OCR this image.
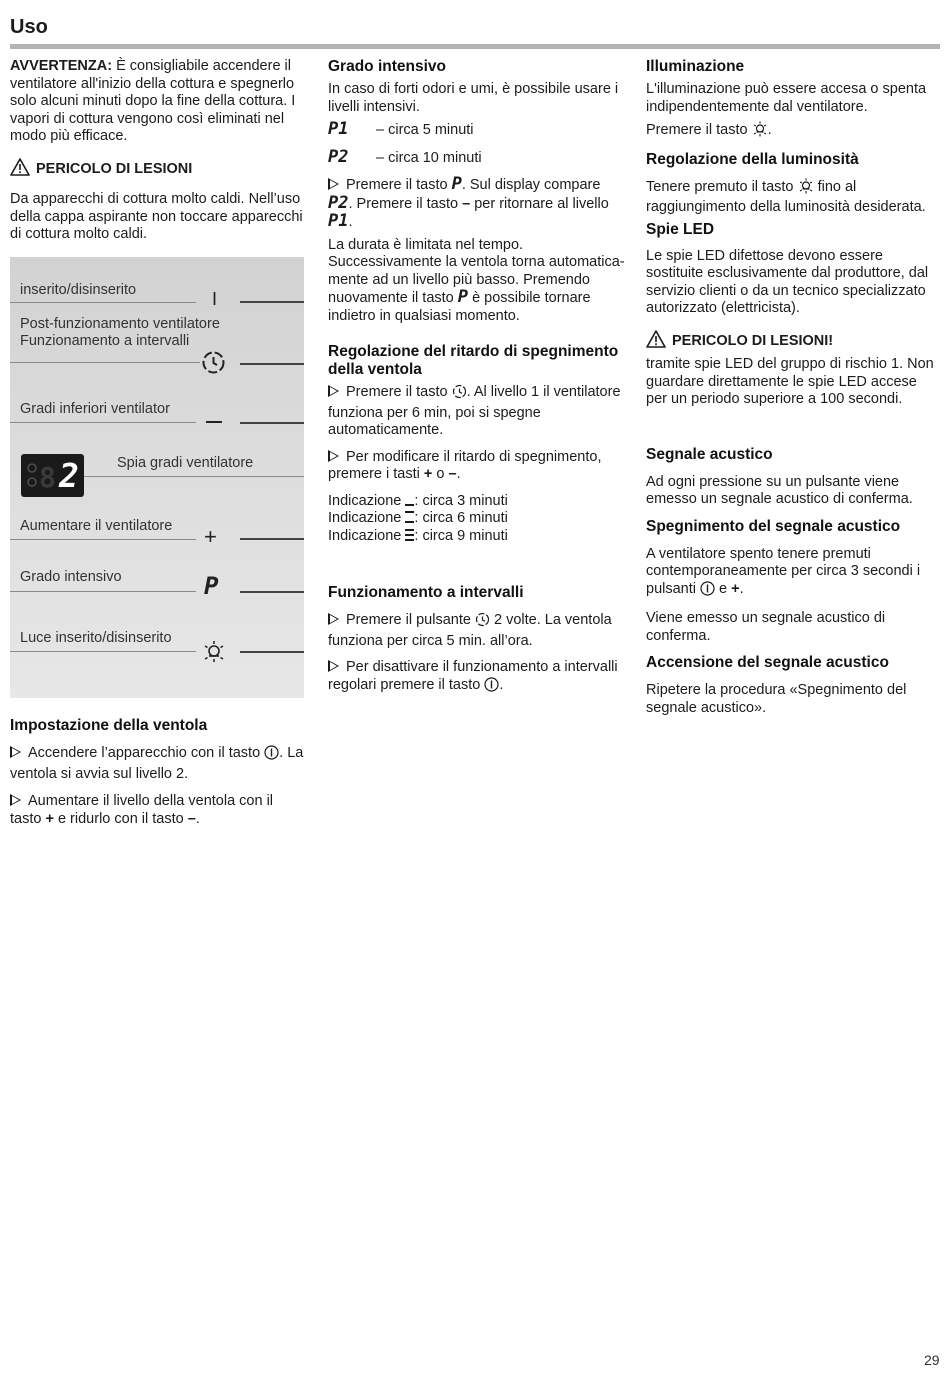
Uso

AVVERTENZA: È consigliabile accendere il ventilatore all'inizio della cottura e spegnerlo solo alcuni minuti dopo la fine della cottura. I vapori di cottura vengono così eliminati nel modo più efficace.

PERICOLO DI LESIONI

Da apparecchi di cottura molto caldi. Nell’uso della cappa aspirante non toccare apparecchi di cottura molto caldi.

inserito/disinserito	I
Post-funzionamento ventilatore
Funzionamento a intervalli
Gradi inferiori ventilator
8 2	Spia gradi ventilatore
Aumentare il ventilatore +
Grado intensivo	P
Luce inserito/disinserito
Impostazione della ventola

Accendere l’apparecchio con il tasto . La ventola si avvia sul livello 2.

Aumentare il livello della ventola con il tasto + e ridurlo con il tasto –.

Grado intensivo

In caso di forti odori e umi, è possibile usare i livelli intensivi.

P1 – circa 5 minuti

P2 – circa 10 minuti

Premere il tasto P. Sul display compare P2. Premere il tasto – per ritornare al livello P1.

La durata è limitata nel tempo. Successivamente la ventola torna automatica-mente ad un livello più basso. Premendo nuovamente il tasto P è possibile tornare indietro in qualsiasi momento.

Regolazione del ritardo di spegnimento della ventola

Premere il tasto . Al livello 1 il ventilatore funziona per 6 min, poi si spegne automaticamente.

Per modificare il ritardo di spegnimento, premere i tasti + o –.

Indicazione : circa 3 minuti

Indicazione : circa 6 minuti

Indicazione : circa 9 minuti

Funzionamento a intervalli

Premere il pulsante 2 volte. La ventola funziona per circa 5 min. all’ora.

Per disattivare il funzionamento a intervalli regolari premere il tasto .

Illuminazione

L'illuminazione può essere accesa o spenta indipendentemente dal ventilatore.

Premere il tasto .

Regolazione della luminosità

Tenere premuto il tasto fino al raggiungimento della luminosità desiderata.

Spie LED

Le spie LED difettose devono essere sostituite esclusivamente dal produttore, dal servizio clienti o da un tecnico specializzato autorizzato (elettricista).

PERICOLO DI LESIONI!

tramite spie LED del gruppo di rischio 1. Non guardare direttamente le spie LED accese per un periodo superiore a 100 secondi.

Segnale acustico

Ad ogni pressione su un pulsante viene emesso un segnale acustico di conferma.

Spegnimento del segnale acustico

A ventilatore spento tenere premuti contemporaneamente per circa 3 secondi i pulsanti e +.

Viene emesso un segnale acustico di conferma.

Accensione del segnale acustico

Ripetere la procedura «Spegnimento del segnale acustico».

29
